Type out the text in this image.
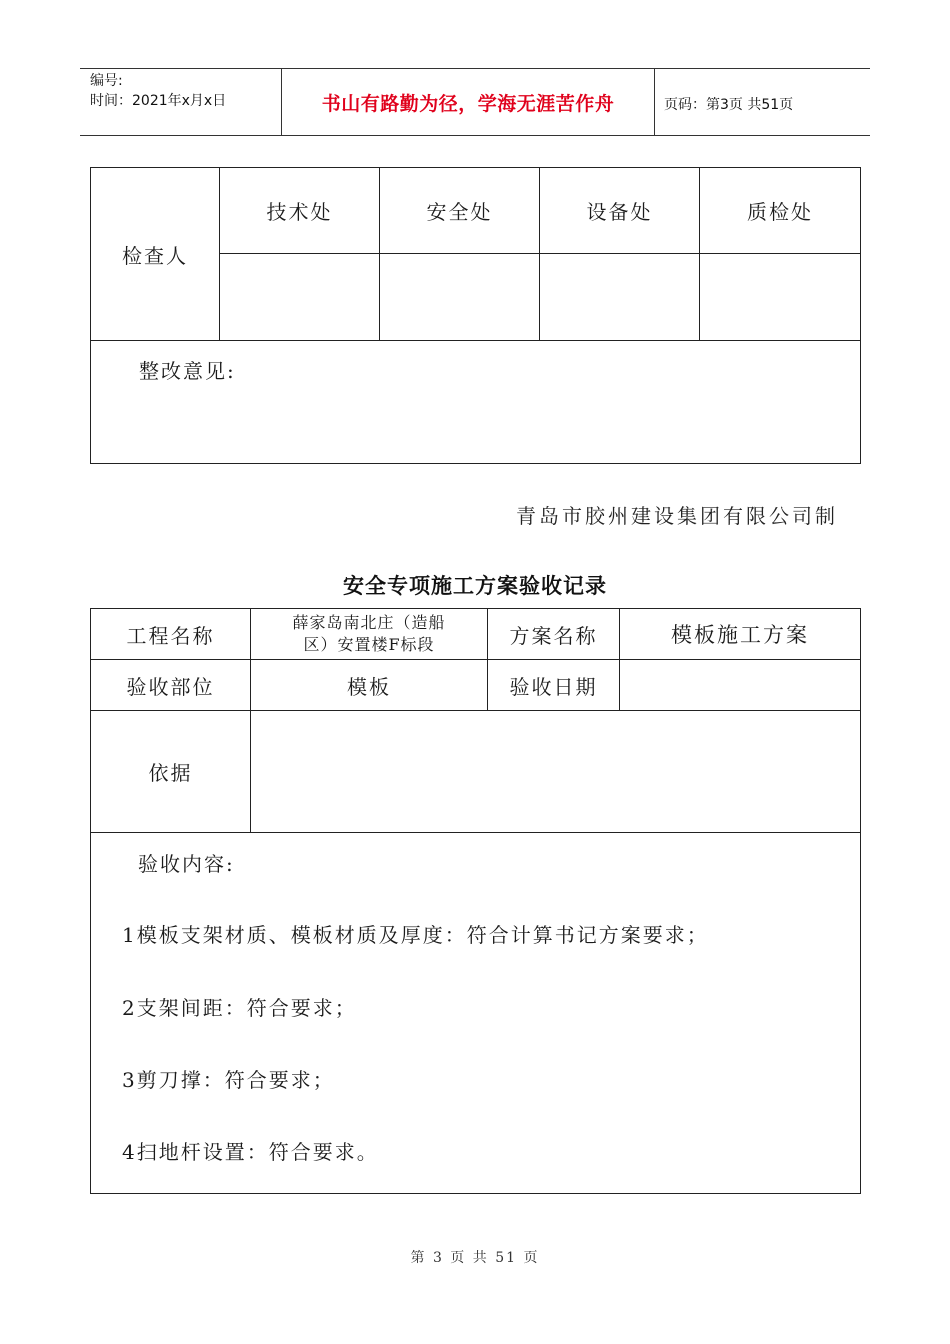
编号:
时间：2021年x月x日	书山有路勤为径，学海无涯苦作舟	页码：第3页 共51页
检查人	技术处	安全处	设备处	质检处

整改意见:				
青岛市胶州建设集团有限公司制
安全专项施工方案验收记录
工程名称	薛家岛南北庄（造船
区）安置楼F标段	方案名称	模板施工方案
验收部位	模板	验收日期	
依据			

验收内容:
1模板支架材质、模板材质及厚度：符合计算书记方案要求；
2支架间距：符合要求；
3剪刀撑：符合要求；
4扫地杆设置：符合要求。
第 3 页 共 51 页
